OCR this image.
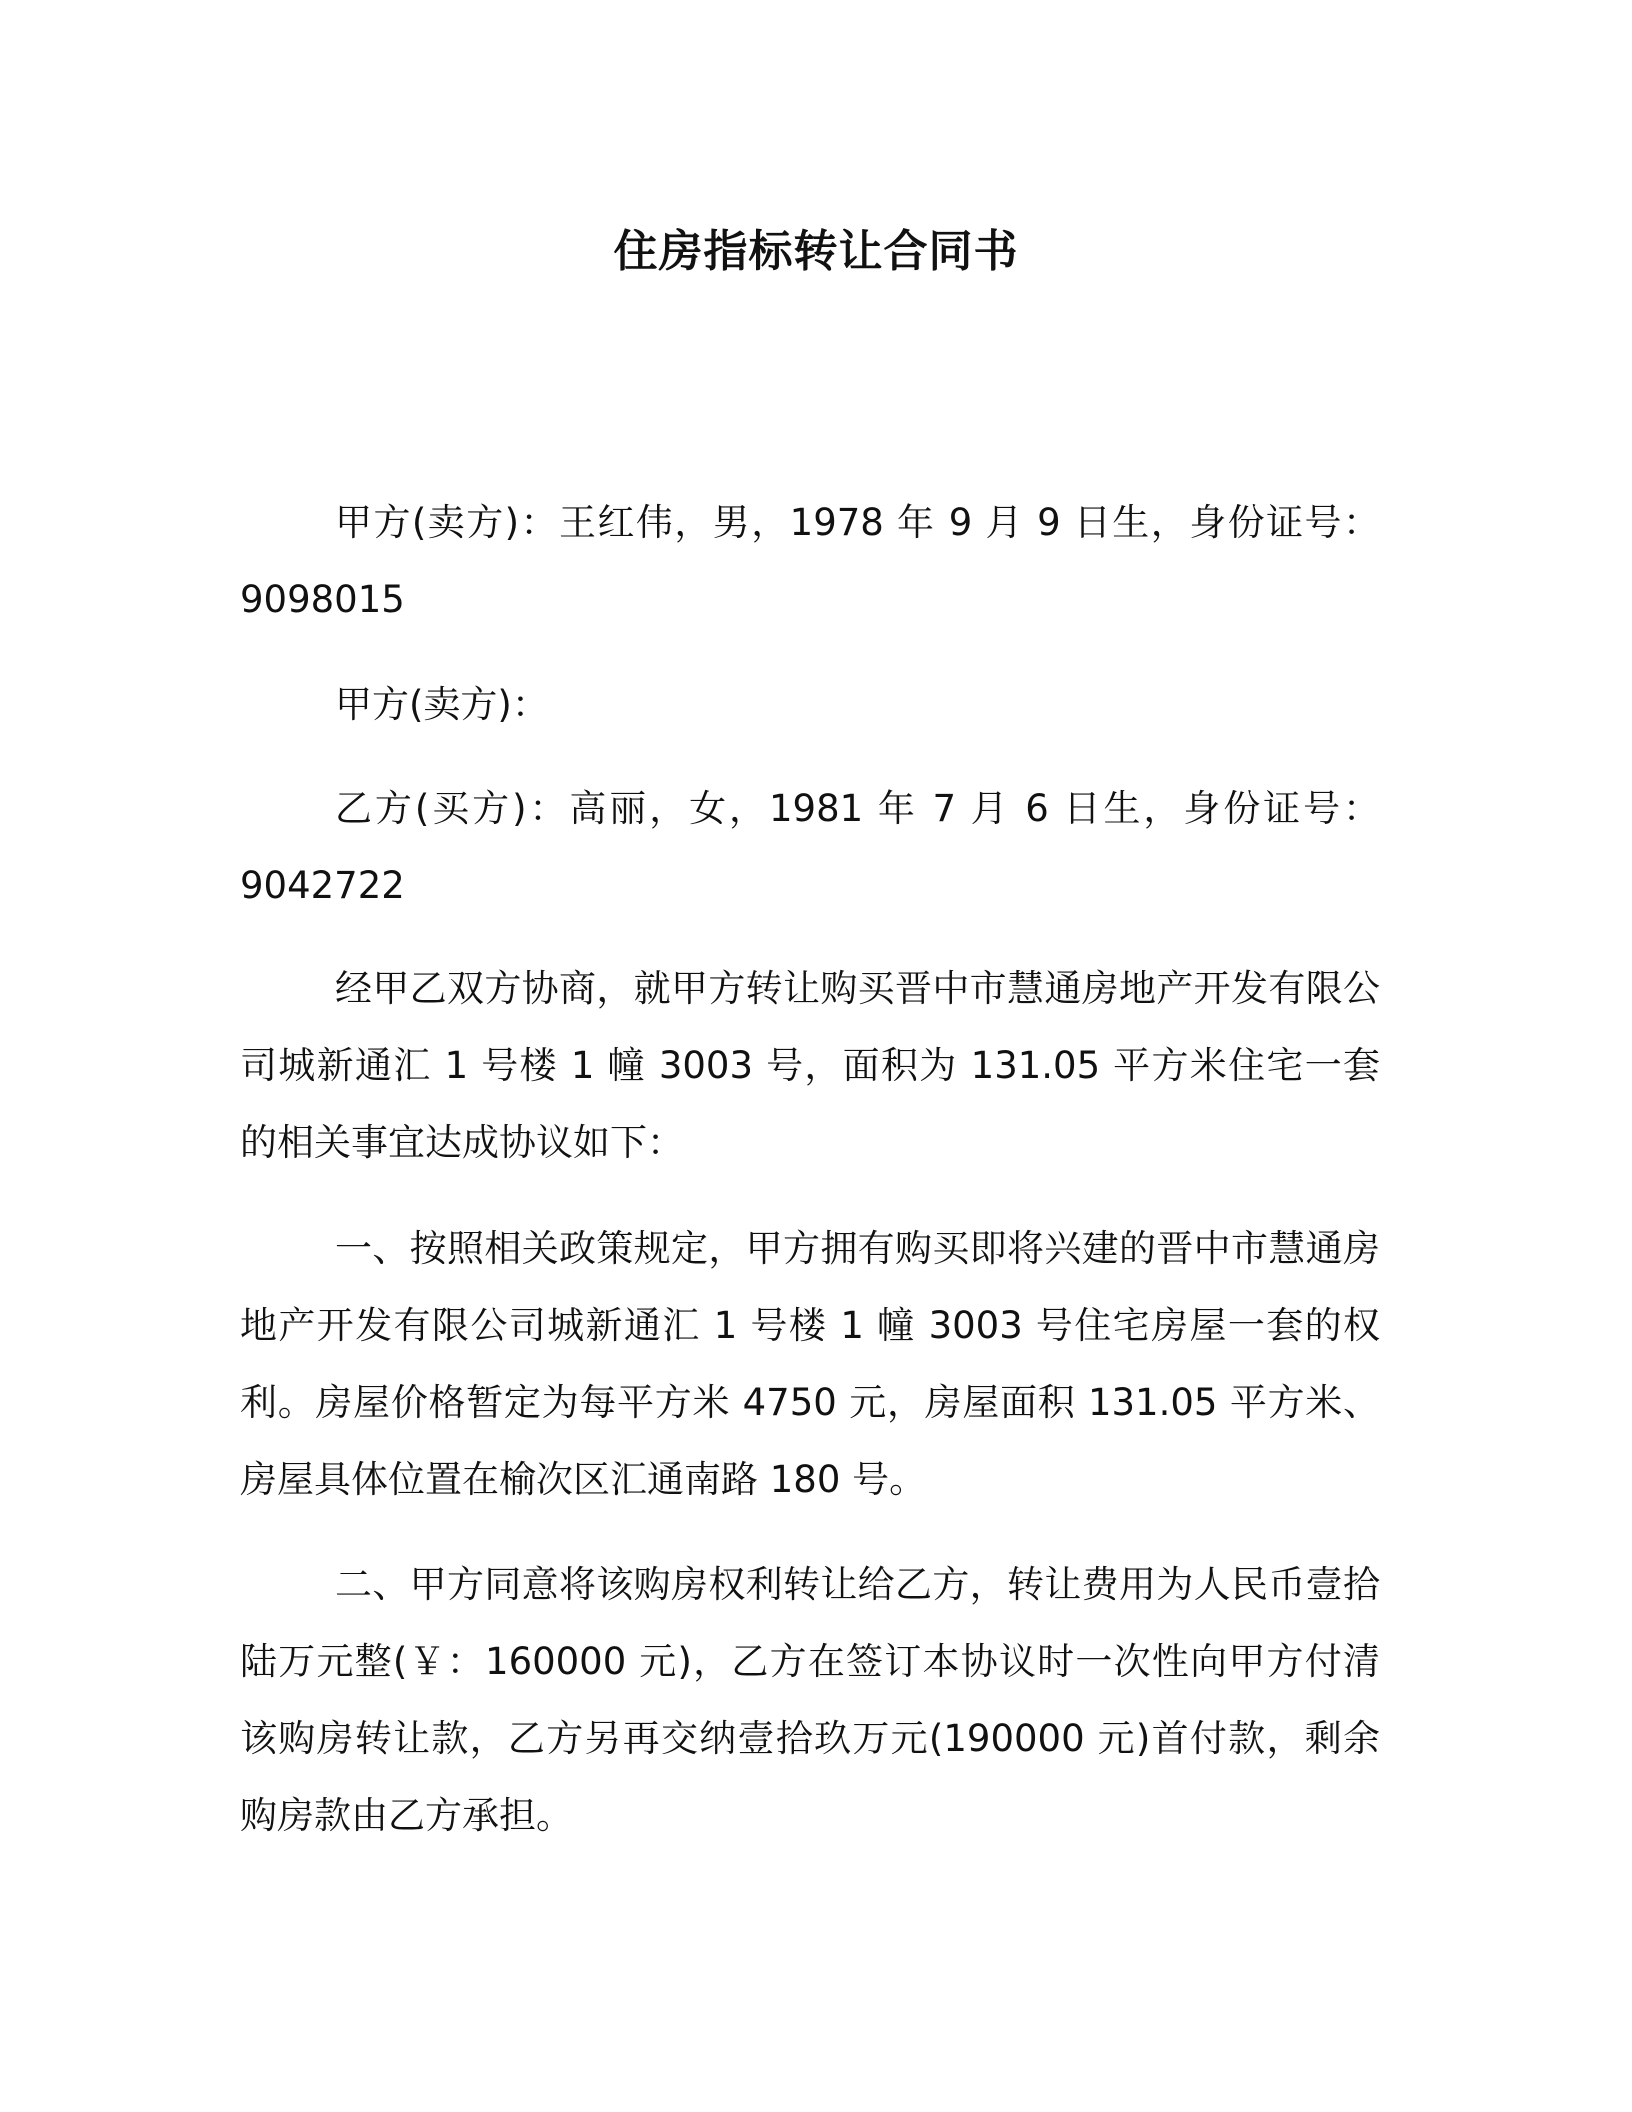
住房指标转让合同书

甲方(卖方)：王红伟，男，1978 年 9 月 9 日生，身份证号：9098015

甲方(卖方)：

乙方(买方)：高丽，女，1981 年 7 月 6 日生，身份证号：9042722

经甲乙双方协商，就甲方转让购买晋中市慧通房地产开发有限公司城新通汇 1 号楼 1 幢 3003 号，面积为 131.05 平方米住宅一套的相关事宜达成协议如下：

一、按照相关政策规定，甲方拥有购买即将兴建的晋中市慧通房地产开发有限公司城新通汇 1 号楼 1 幢 3003 号住宅房屋一套的权利。房屋价格暂定为每平方米 4750 元，房屋面积 131.05 平方米、房屋具体位置在榆次区汇通南路 180 号。

二、甲方同意将该购房权利转让给乙方，转让费用为人民币壹拾陆万元整(￥：160000 元)，乙方在签订本协议时一次性向甲方付清该购房转让款，乙方另再交纳壹拾玖万元(190000 元)首付款，剩余购房款由乙方承担。
